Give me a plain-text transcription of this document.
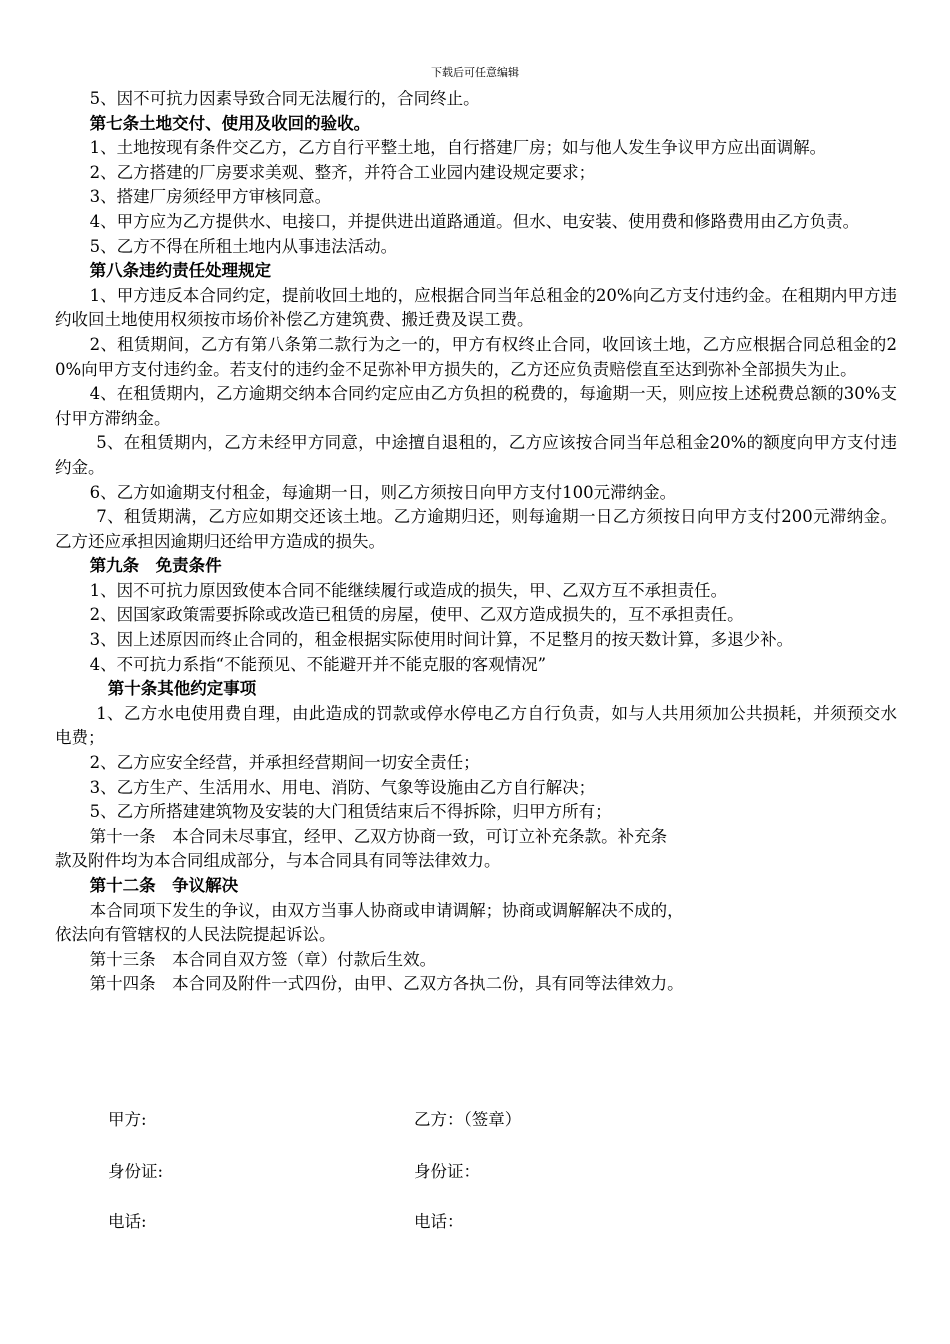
下载后可任意编辑

5、因不可抗力因素导致合同无法履行的，合同终止。

第七条土地交付、使用及收回的验收。

1、土地按现有条件交乙方，乙方自行平整土地，自行搭建厂房；如与他人发生争议甲方应出面调解。

2、乙方搭建的厂房要求美观、整齐，并符合工业园内建设规定要求；

3、搭建厂房须经甲方审核同意。

4、甲方应为乙方提供水、电接口，并提供进出道路通道。但水、电安装、使用费和修路费用由乙方负责。

5、乙方不得在所租土地内从事违法活动。

第八条违约责任处理规定

1、甲方违反本合同约定，提前收回土地的，应根据合同当年总租金的20%向乙方支付违约金。在租期内甲方违约收回土地使用权须按市场价补偿乙方建筑费、搬迁费及误工费。

2、租赁期间，乙方有第八条第二款行为之一的，甲方有权终止合同，收回该土地，乙方应根据合同总租金的2 0%向甲方支付违约金。若支付的违约金不足弥补甲方损失的，乙方还应负责赔偿直至达到弥补全部损失为止。

4、在租赁期内，乙方逾期交纳本合同约定应由乙方负担的税费的，每逾期一天，则应按上述税费总额的30%支付甲方滞纳金。

5、在租赁期内，乙方未经甲方同意，中途擅自退租的，乙方应该按合同当年总租金20%的额度向甲方支付违约金。

6、乙方如逾期支付租金，每逾期一日，则乙方须按日向甲方支付100元滞纳金。

7、租赁期满，乙方应如期交还该土地。乙方逾期归还，则每逾期一日乙方须按日向甲方支付200元滞纳金。乙方还应承担因逾期归还给甲方造成的损失。

第九条　免责条件

1、因不可抗力原因致使本合同不能继续履行或造成的损失，甲、乙双方互不承担责任。

2、因国家政策需要拆除或改造已租赁的房屋，使甲、乙双方造成损失的，互不承担责任。

3、因上述原因而终止合同的，租金根据实际使用时间计算，不足整月的按天数计算，多退少补。

4、不可抗力系指“不能预见、不能避开并不能克服的客观情况”

第十条其他约定事项

1、乙方水电使用费自理，由此造成的罚款或停水停电乙方自行负责，如与人共用须加公共损耗，并须预交水电费；

2、乙方应安全经营，并承担经营期间一切安全责任；

3、乙方生产、生活用水、用电、消防、气象等设施由乙方自行解决；

5、乙方所搭建建筑物及安装的大门租赁结束后不得拆除，归甲方所有；

第十一条　本合同未尽事宜，经甲、乙双方协商一致，可订立补充条款。补充条

款及附件均为本合同组成部分，与本合同具有同等法律效力。

第十二条　争议解决

本合同项下发生的争议，由双方当事人协商或申请调解；协商或调解解决不成的，

依法向有管辖权的人民法院提起诉讼。

第十三条　本合同自双方签（章）付款后生效。

第十四条　本合同及附件一式四份，由甲、乙双方各执二份，具有同等法律效力。

甲方:	乙方：（签章）
身份证:	身份证：
电话:	电话：
